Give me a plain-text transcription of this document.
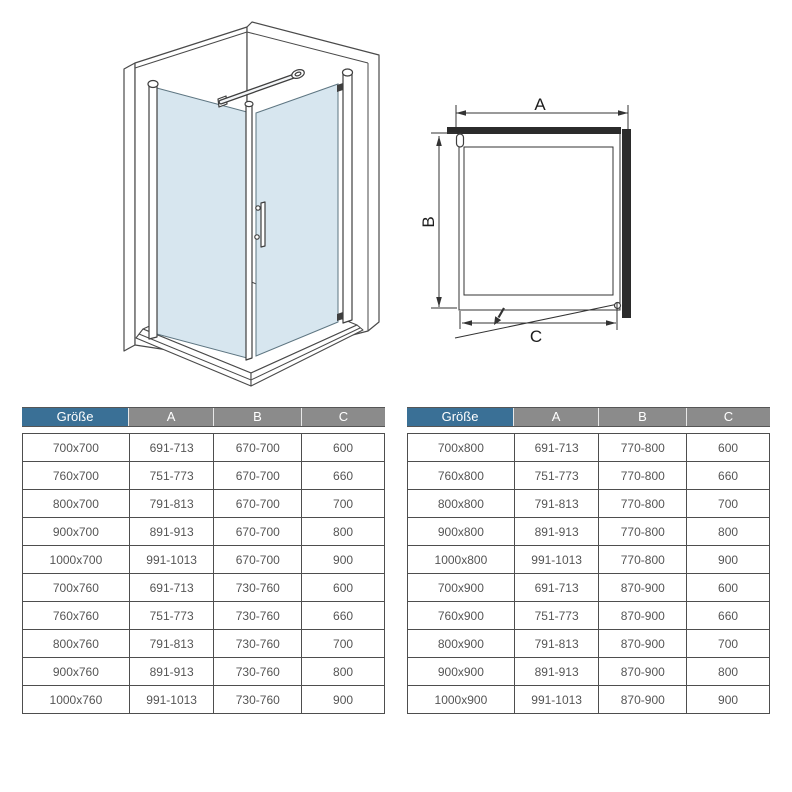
A
B
C
Größe	A	B	C
700x700	691-713	670-700	600
760x700	751-773	670-700	660
800x700	791-813	670-700	700
900x700	891-913	670-700	800
1000x700	991-1013	670-700	900
700x760	691-713	730-760	600
760x760	751-773	730-760	660
800x760	791-813	730-760	700
900x760	891-913	730-760	800
1000x760	991-1013	730-760	900
Größe	A	B	C
700x800	691-713	770-800	600
760x800	751-773	770-800	660
800x800	791-813	770-800	700
900x800	891-913	770-800	800
1000x800	991-1013	770-800	900
700x900	691-713	870-900	600
760x900	751-773	870-900	660
800x900	791-813	870-900	700
900x900	891-913	870-900	800
1000x900	991-1013	870-900	900
